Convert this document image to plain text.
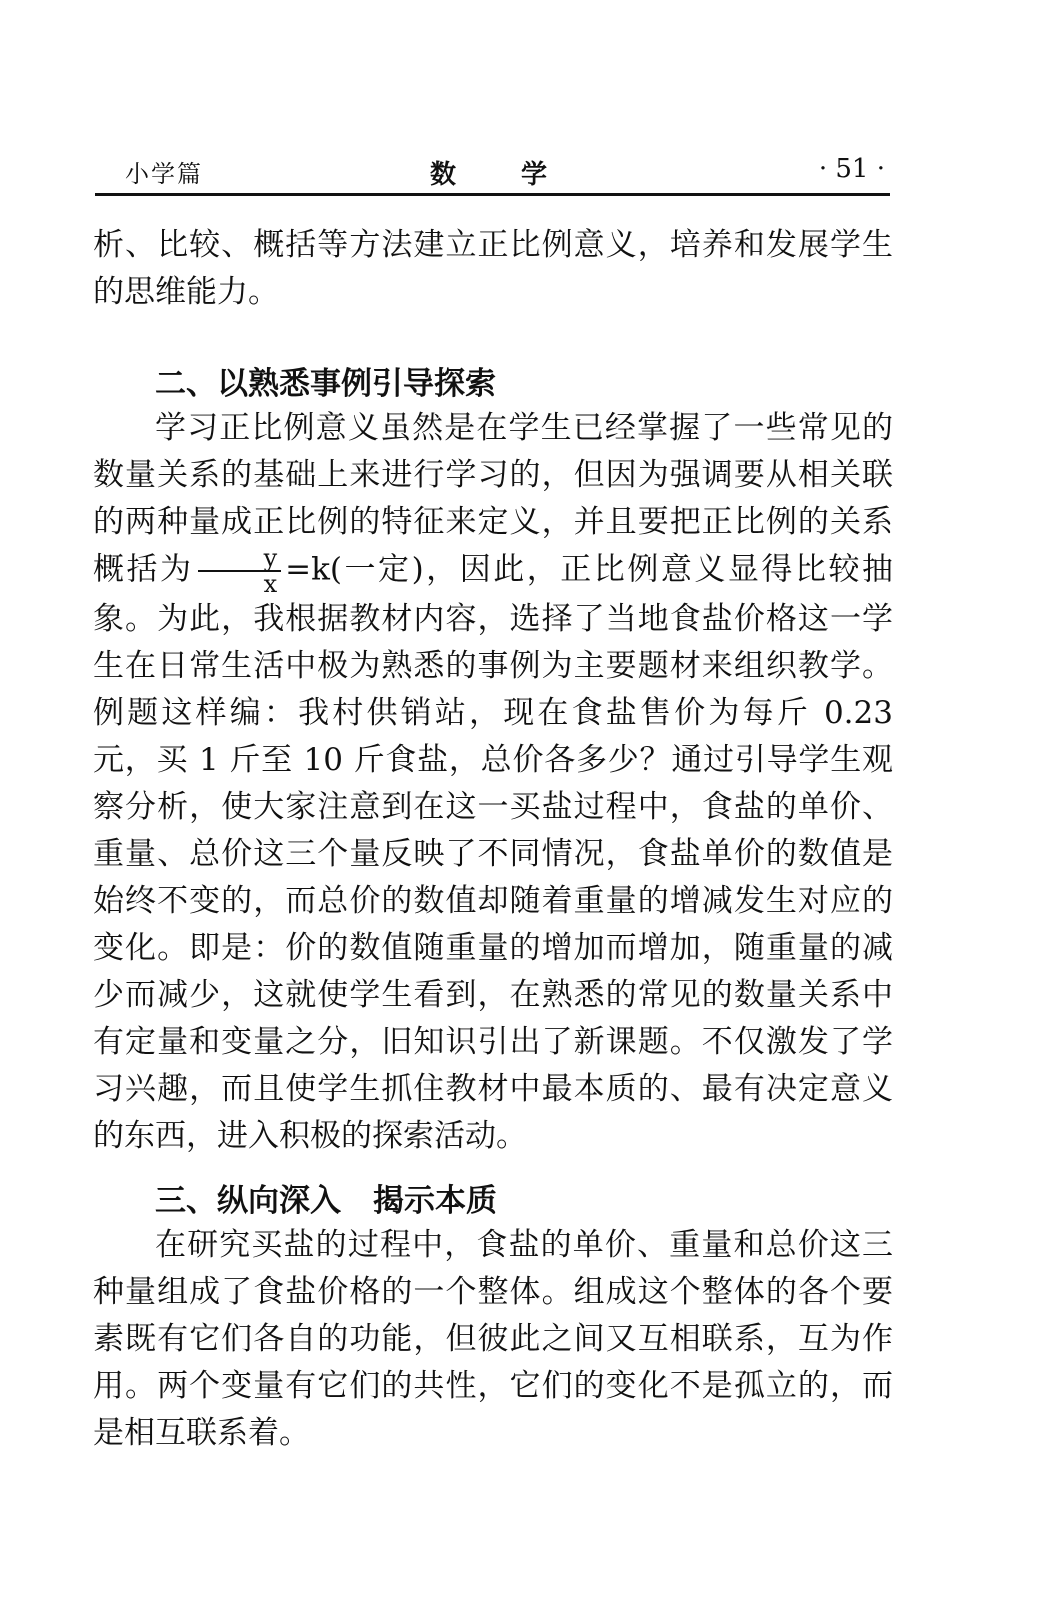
小学篇	数 学	· 51 ·

析、比较、概括等方法建立正比例意义，培养和发展学生的思维能力。

二、以熟悉事例引导探索

学习正比例意义虽然是在学生已经掌握了一些常见的数量关系的基础上来进行学习的，但因为强调要从相关联的两种量成正比例的特征来定义，并且要把正比例的关系概括为 $\frac{y}{x} =k$(一定)，因此，正比例意义显得比较抽象。为此，我根据教材内容，选择了当地食盐价格这一学生在日常生活中极为熟悉的事例为主要题材来组织教学。例题这样编：我村供销站，现在食盐售价为每斤 0.23 元，买 1 斤至 10 斤食盐，总价各多少？通过引导学生观察分析，使大家注意到在这一买盐过程中，食盐的单价、重量、总价这三个量反映了不同情况，食盐单价的数值是始终不变的，而总价的数值却随着重量的增减发生对应的变化。即是：价的数值随重量的增加而增加，随重量的减少而减少，这就使学生看到，在熟悉的常见的数量关系中有定量和变量之分，旧知识引出了新课题。不仅激发了学习兴趣，而且使学生抓住教材中最本质的、最有决定意义的东西，进入积极的探索活动。

三、纵向深入 揭示本质

在研究买盐的过程中，食盐的单价、重量和总价这三种量组成了食盐价格的一个整体。组成这个整体的各个要素既有它们各自的功能，但彼此之间又互相联系，互为作用。两个变量有它们的共性，它们的变化不是孤立的，而是相互联系着。
